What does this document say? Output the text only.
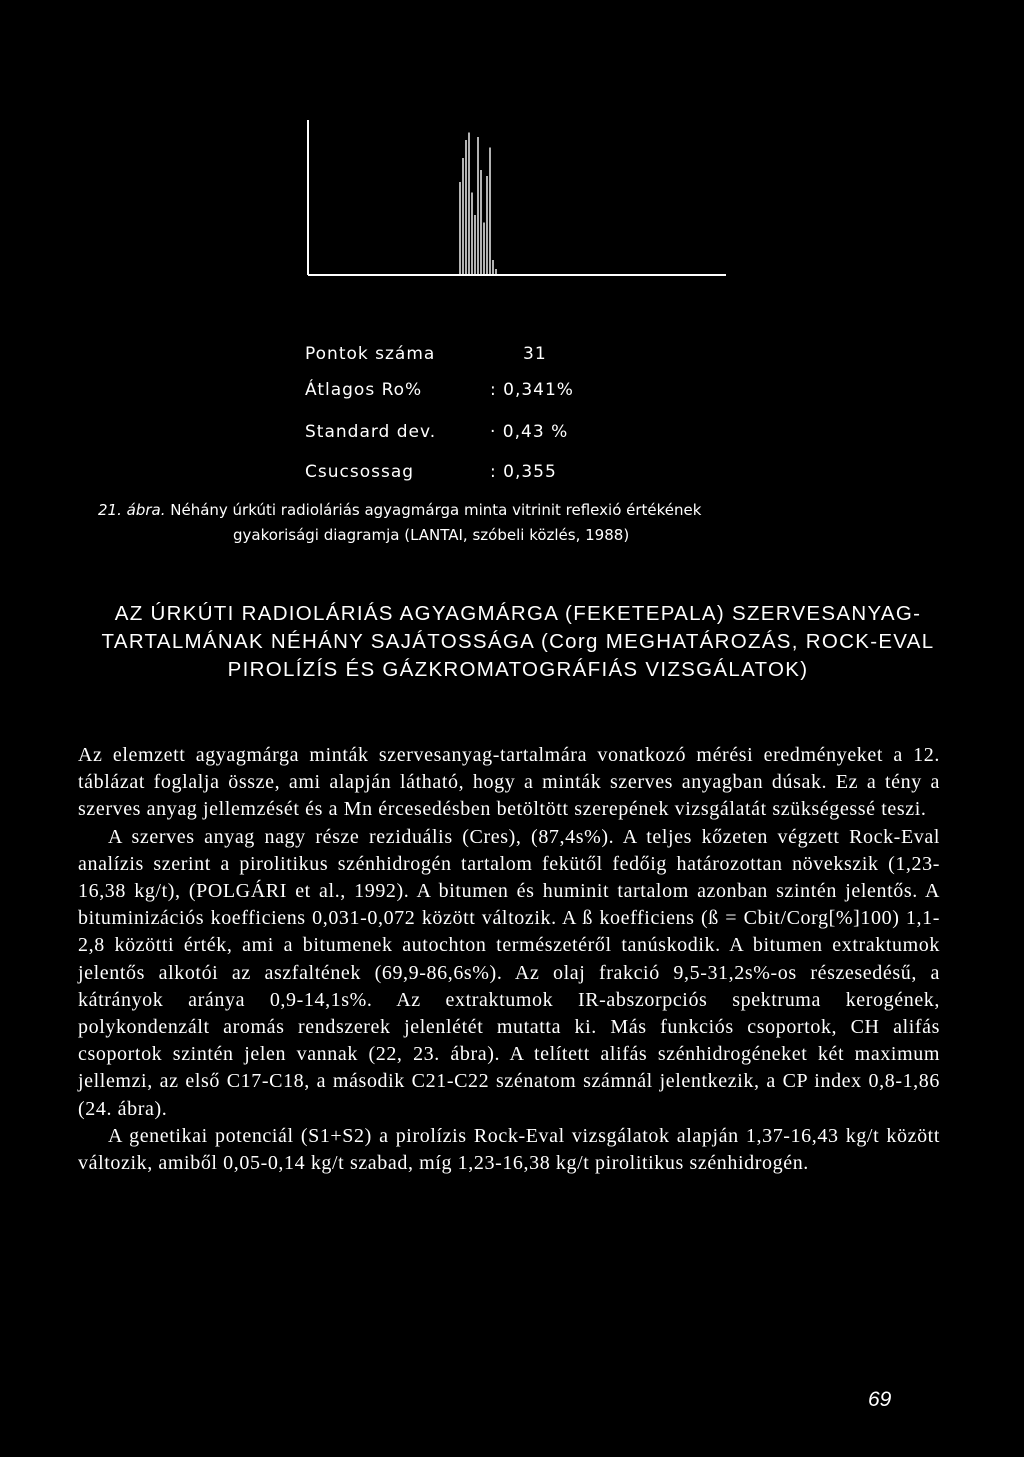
Pontok száma	31
Átlagos Ro%	: 0,341%
Standard dev.	· 0,43 %
Csucsossag	: 0,355
21. ábra. Néhány úrkúti radioláriás agyagmárga minta vitrinit reflexió értékének
gyakorisági diagramja (LANTAI, szóbeli közlés, 1988)
AZ ÚRKÚTI RADIOLÁRIÁS AGYAGMÁRGA (FEKETEPALA) SZERVESANYAG-TARTALMÁNAK NÉHÁNY SAJÁTOSSÁGA (Corg MEGHATÁROZÁS, ROCK-EVAL PIROLÍZÍS ÉS GÁZKROMATOGRÁFIÁS VIZSGÁLATOK)

Az elemzett agyagmárga minták szervesanyag-tartalmára vonatkozó mérési eredményeket a 12. táblázat foglalja össze, ami alapján látható, hogy a minták szerves anyagban dúsak. Ez a tény a szerves anyag jellemzését és a Mn ércesedésben betöltött szerepének vizsgálatát szükségessé teszi.

A szerves anyag nagy része reziduális (Cres), (87,4s%). A teljes kőzeten végzett Rock-Eval analízis szerint a pirolitikus szénhidrogén tartalom fekütől fedőig határozottan növekszik (1,23-16,38 kg/t), (POLGÁRI et al., 1992). A bitumen és huminit tartalom azonban szintén jelentős. A bituminizációs koefficiens 0,031-0,072 között változik. A ß koefficiens (ß = Cbit/Corg[%]100) 1,1-2,8 közötti érték, ami a bitumenek autochton természetéről tanúskodik. A bitumen extraktumok jelentős alkotói az aszfaltének (69,9-86,6s%). Az olaj frakció 9,5-31,2s%-os részesedésű, a kátrányok aránya 0,9-14,1s%. Az extraktumok IR-abszorpciós spektruma kerogének, polykondenzált aromás rendszerek jelenlétét mutatta ki. Más funkciós csoportok, CH alifás csoportok szintén jelen vannak (22, 23. ábra). A telített alifás szénhidrogéneket két maximum jellemzi, az első C17-C18, a második C21-C22 szénatom számnál jelentkezik, a CP index 0,8-1,86 (24. ábra).

A genetikai potenciál (S1+S2) a pirolízis Rock-Eval vizsgálatok alapján 1,37-16,43 kg/t között változik, amiből 0,05-0,14 kg/t szabad, míg 1,23-16,38 kg/t pirolitikus szénhidrogén.

69
